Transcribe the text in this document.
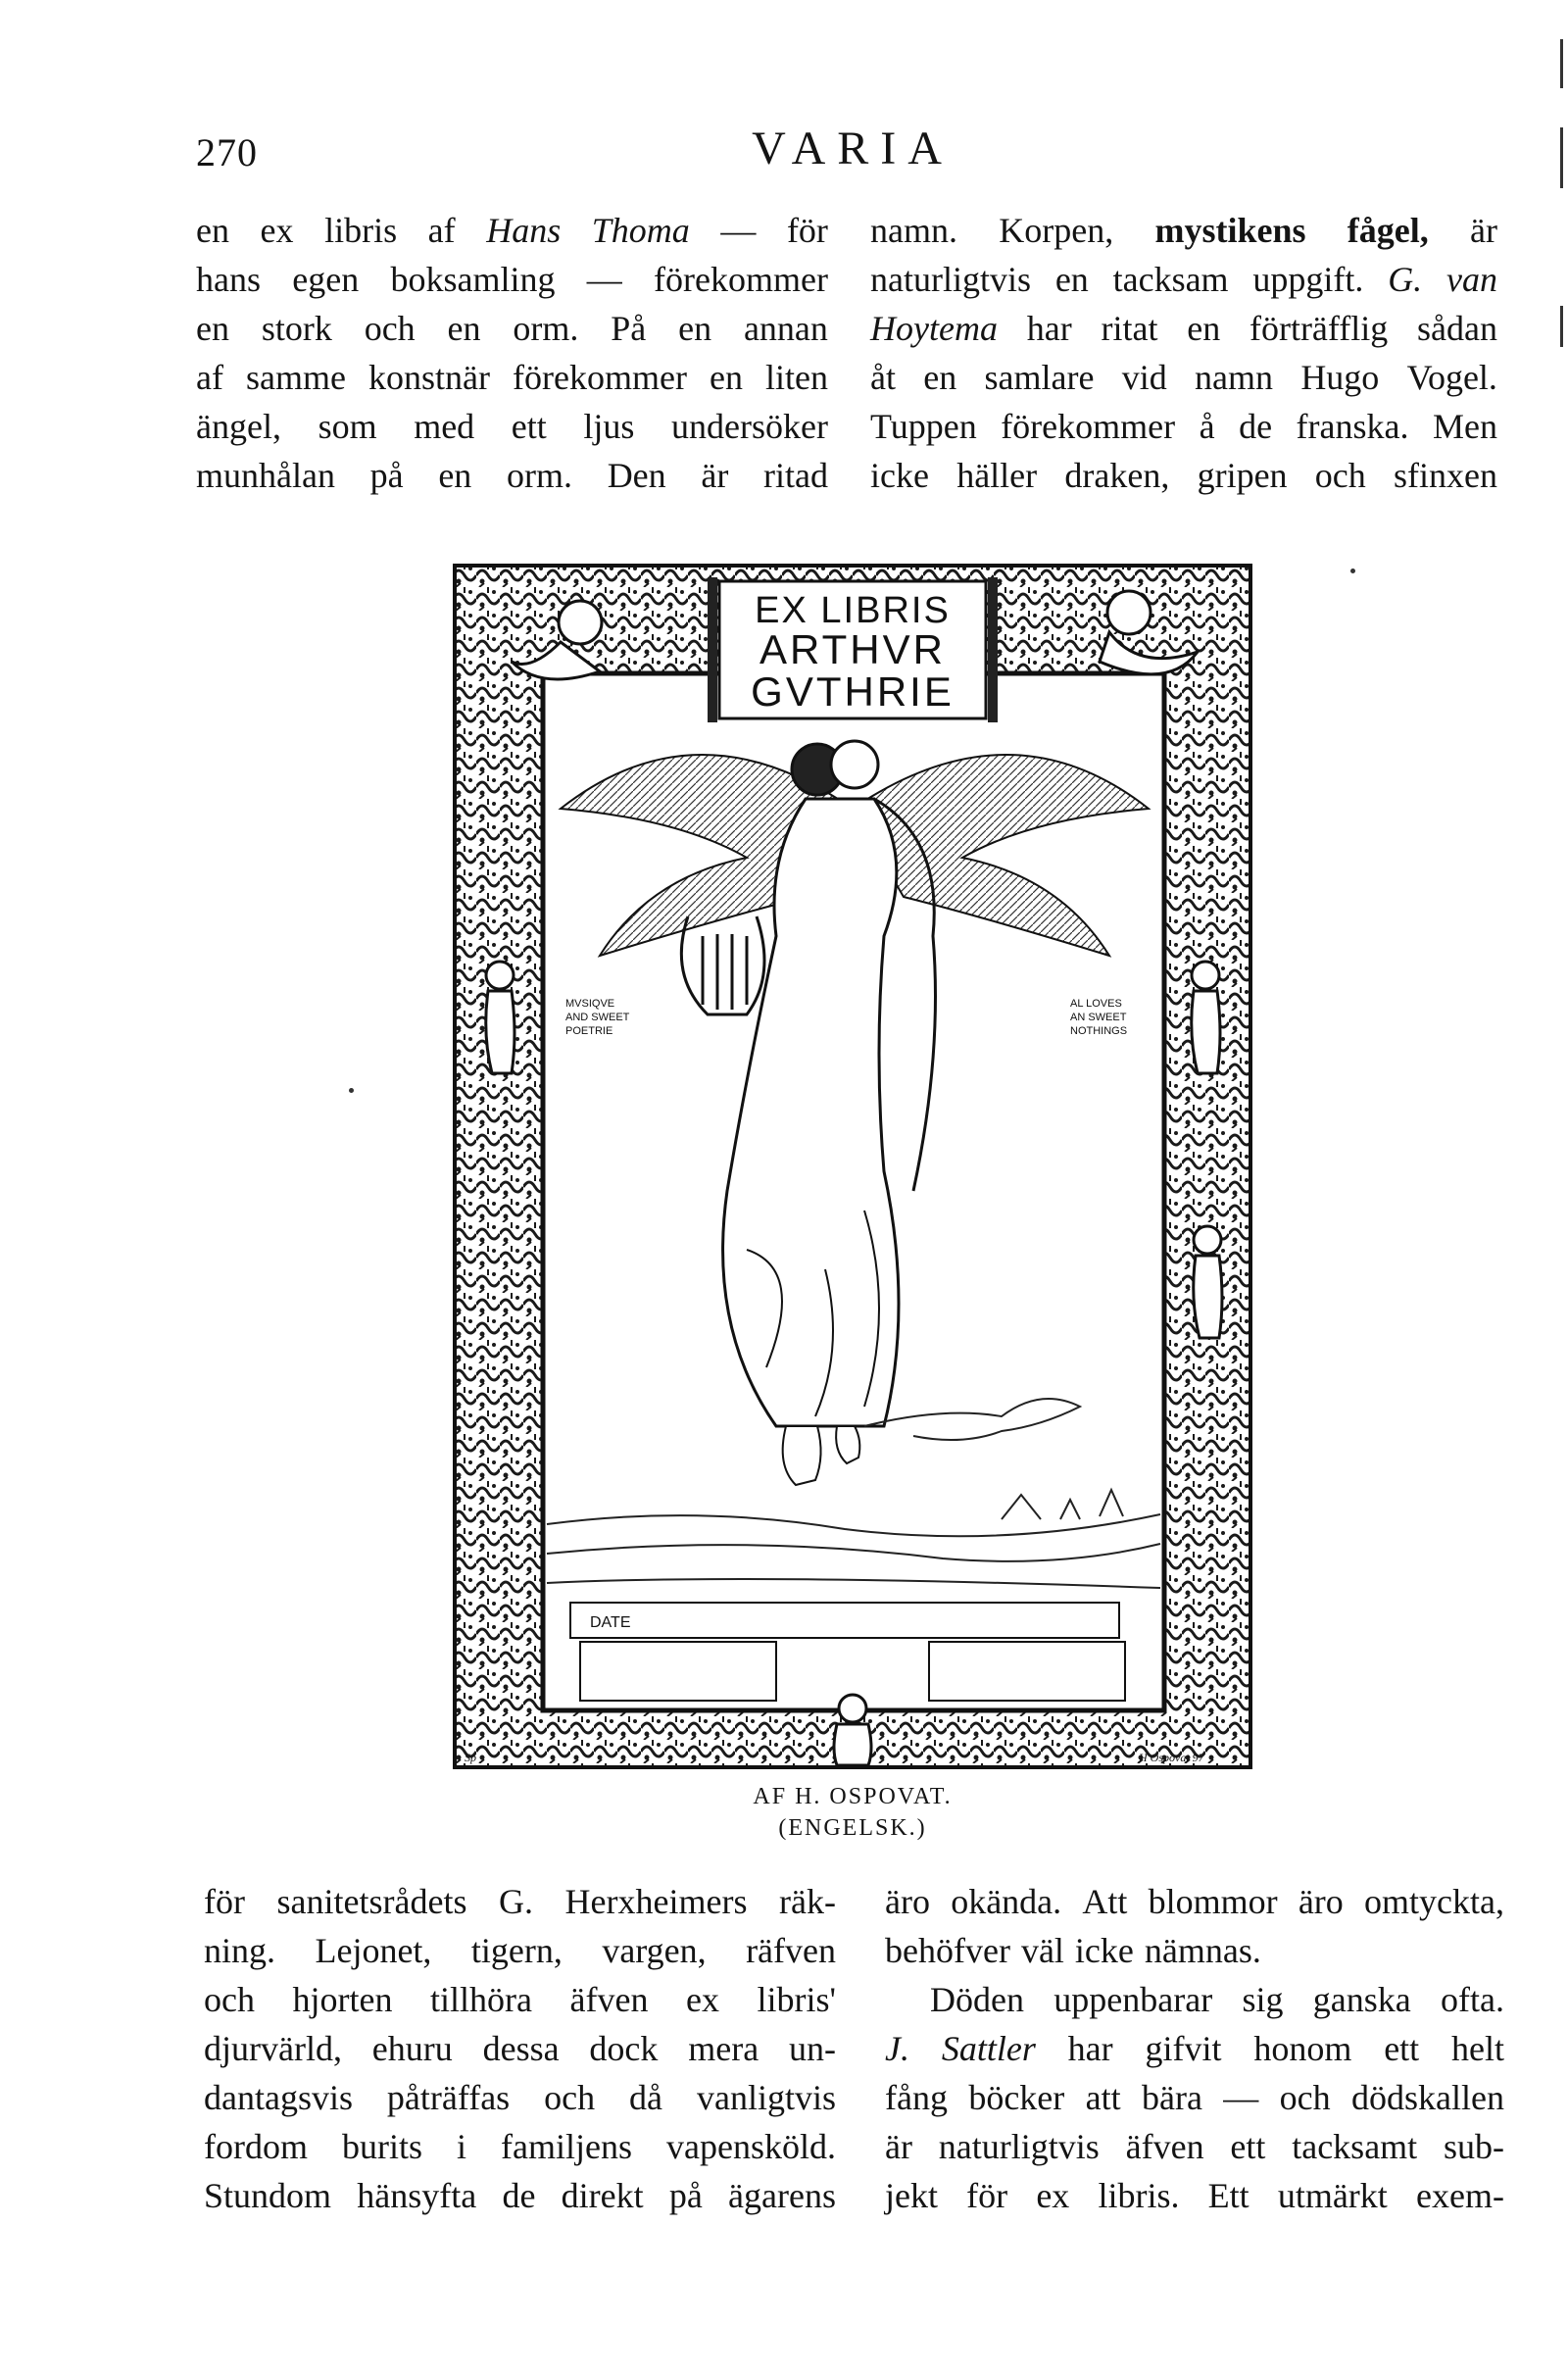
270	VARIA
en ex libris af Hans Thoma — för
hans egen boksamling — förekommer
en stork och en orm. På en annan
af samme konstnär förekommer en liten
ängel, som med ett ljus undersöker
munhålan på en orm. Den är ritad
namn. Korpen, mystikens fågel, är
naturligtvis en tacksam uppgift. G. van
Hoytema har ritat en förträfflig sådan
åt en samlare vid namn Hugo Vogel.
Tuppen förekommer å de franska. Men
icke häller draken, gripen och sfinxen
EX LIBRIS
ARTHVR
GVTHRIE
MVSIQVE
AND SWEET
POETRIE
AL LOVES
AN SWEET
NOTHINGS
DATE
Sp	H Ospovat 97
AF H. OSPOVAT.
(ENGELSK.)
för sanitetsrådets G. Herxheimers räk-
ning. Lejonet, tigern, vargen, räfven
och hjorten tillhöra äfven ex libris'
djurvärld, ehuru dessa dock mera un-
dantagsvis påträffas och då vanligtvis
fordom burits i familjens vapensköld.
Stundom hänsyfta de direkt på ägarens
äro okända. Att blommor äro omtyckta,
behöfver väl icke nämnas.
Döden uppenbarar sig ganska ofta.
J. Sattler har gifvit honom ett helt
fång böcker att bära — och dödskallen
är naturligtvis äfven ett tacksamt sub-
jekt för ex libris. Ett utmärkt exem-
